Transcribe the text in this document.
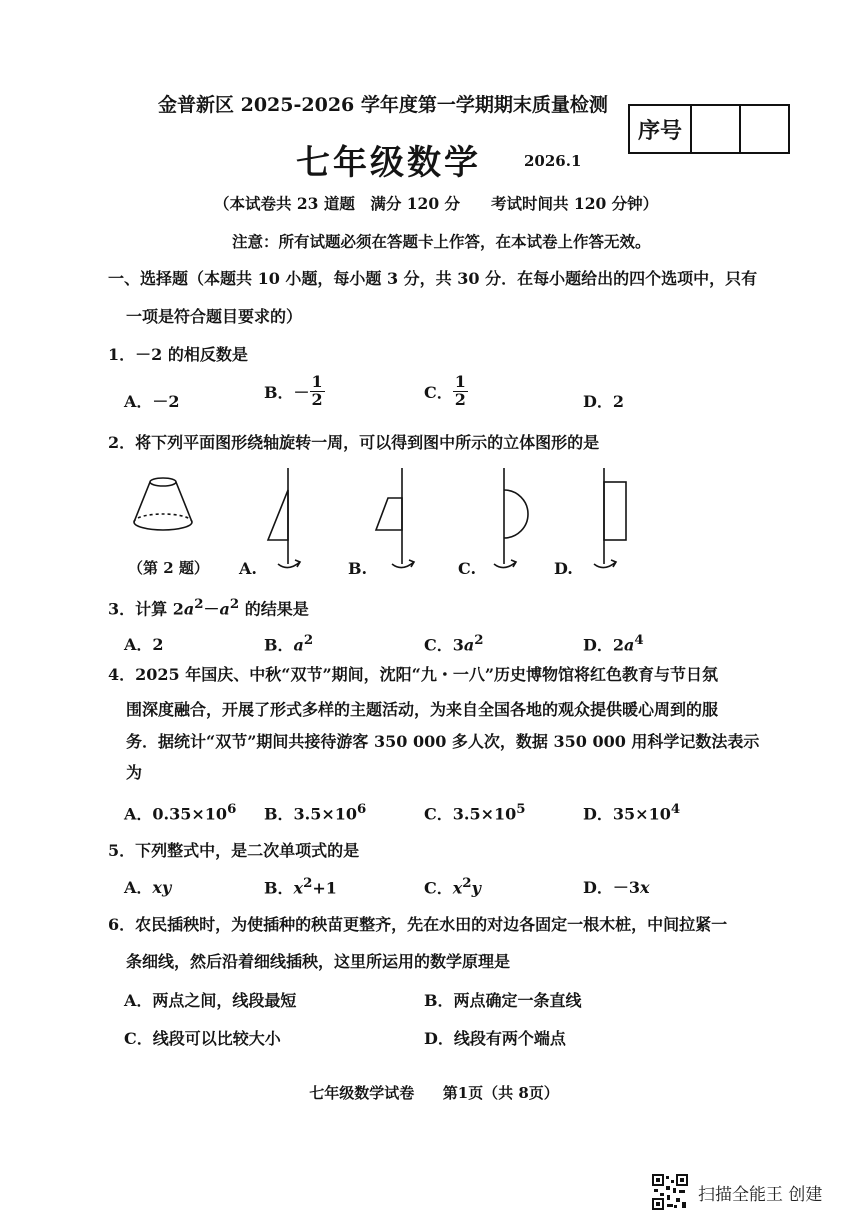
金普新区 2025-2026 学年度第一学期期末质量检测
序号
七年级数学	2026.1
（本试卷共 23 道题　满分 120 分　　考试时间共 120 分钟）
注意：所有试题必须在答题卡上作答，在本试卷上作答无效。
一、选择题（本题共 10 小题，每小题 3 分，共 30 分．在每小题给出的四个选项中，只有
一项是符合题目要求的）
1．－2 的相反数是
A．－2	B．－ $\frac{1}{2}$	C． $\frac{1}{2}$	D．2
2．将下列平面图形绕轴旋转一周，可以得到图中所示的立体图形的是
（第 2 题） A.	B.	C.	D.
3．计算 $2a^2-a^2$ 的结果是
A．2	B．$a^2$	C．$3a^2$	D．$2a^4$
4．2025 年国庆、中秋“双节”期间，沈阳“九・一八”历史博物馆将红色教育与节日氛
围深度融合，开展了形式多样的主题活动，为来自全国各地的观众提供暖心周到的服
务．据统计“双节”期间共接待游客 350 000 多人次，数据 350 000 用科学记数法表示
为
A．$0.35\times 10^6$ B．$3.5\times 10^6$	C．$3.5\times 10^5$	D．$35\times 10^4$
5．下列整式中，是二次单项式的是
A．xy	B．$x^2+1$	C．$x^2y$	D．－3x
6．农民插秧时，为使插种的秧苗更整齐，先在水田的对边各固定一根木桩，中间拉紧一
条细线，然后沿着细线插秧，这里所运用的数学原理是
A．两点之间，线段最短	B．两点确定一条直线
C．线段可以比较大小	D．线段有两个端点
七年级数学试卷 第1页（共 8页）
扫描全能王 创建
